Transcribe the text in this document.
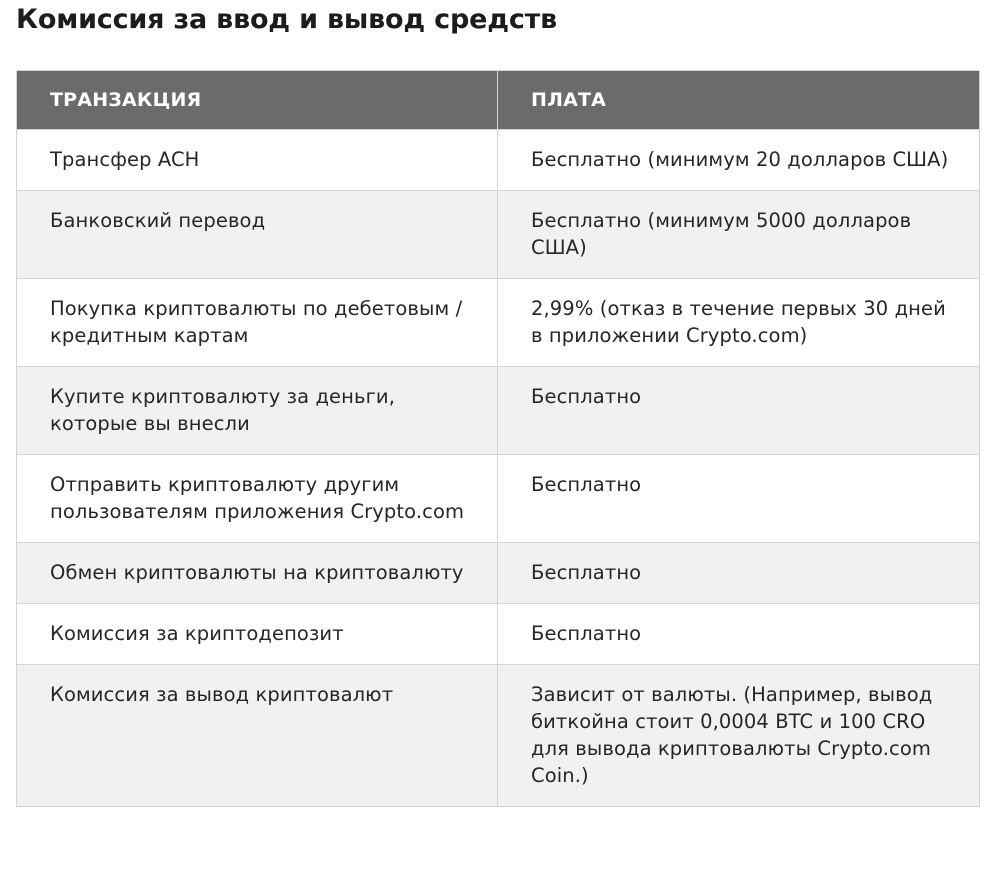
Комиссия за ввод и вывод средств
ТРАНЗАКЦИЯ	ПЛАТА
Трансфер ACH	Бесплатно (минимум 20 долларов США)
Банковский перевод	Бесплатно (минимум 5000 долларов США)
Покупка криптовалюты по дебетовым / кредитным картам	2,99% (отказ в течение первых 30 дней в приложении Crypto.com)
Купите криптовалюту за деньги, которые вы внесли	Бесплатно
Отправить криптовалюту другим пользователям приложения Crypto.com	Бесплатно
Обмен криптовалюты на криптовалюту	Бесплатно
Комиссия за криптодепозит	Бесплатно
Комиссия за вывод криптовалют	Зависит от валюты. (Например, вывод биткойна стоит 0,0004 BTC и 100 CRO для вывода криптовалюты Crypto.com Coin.)
